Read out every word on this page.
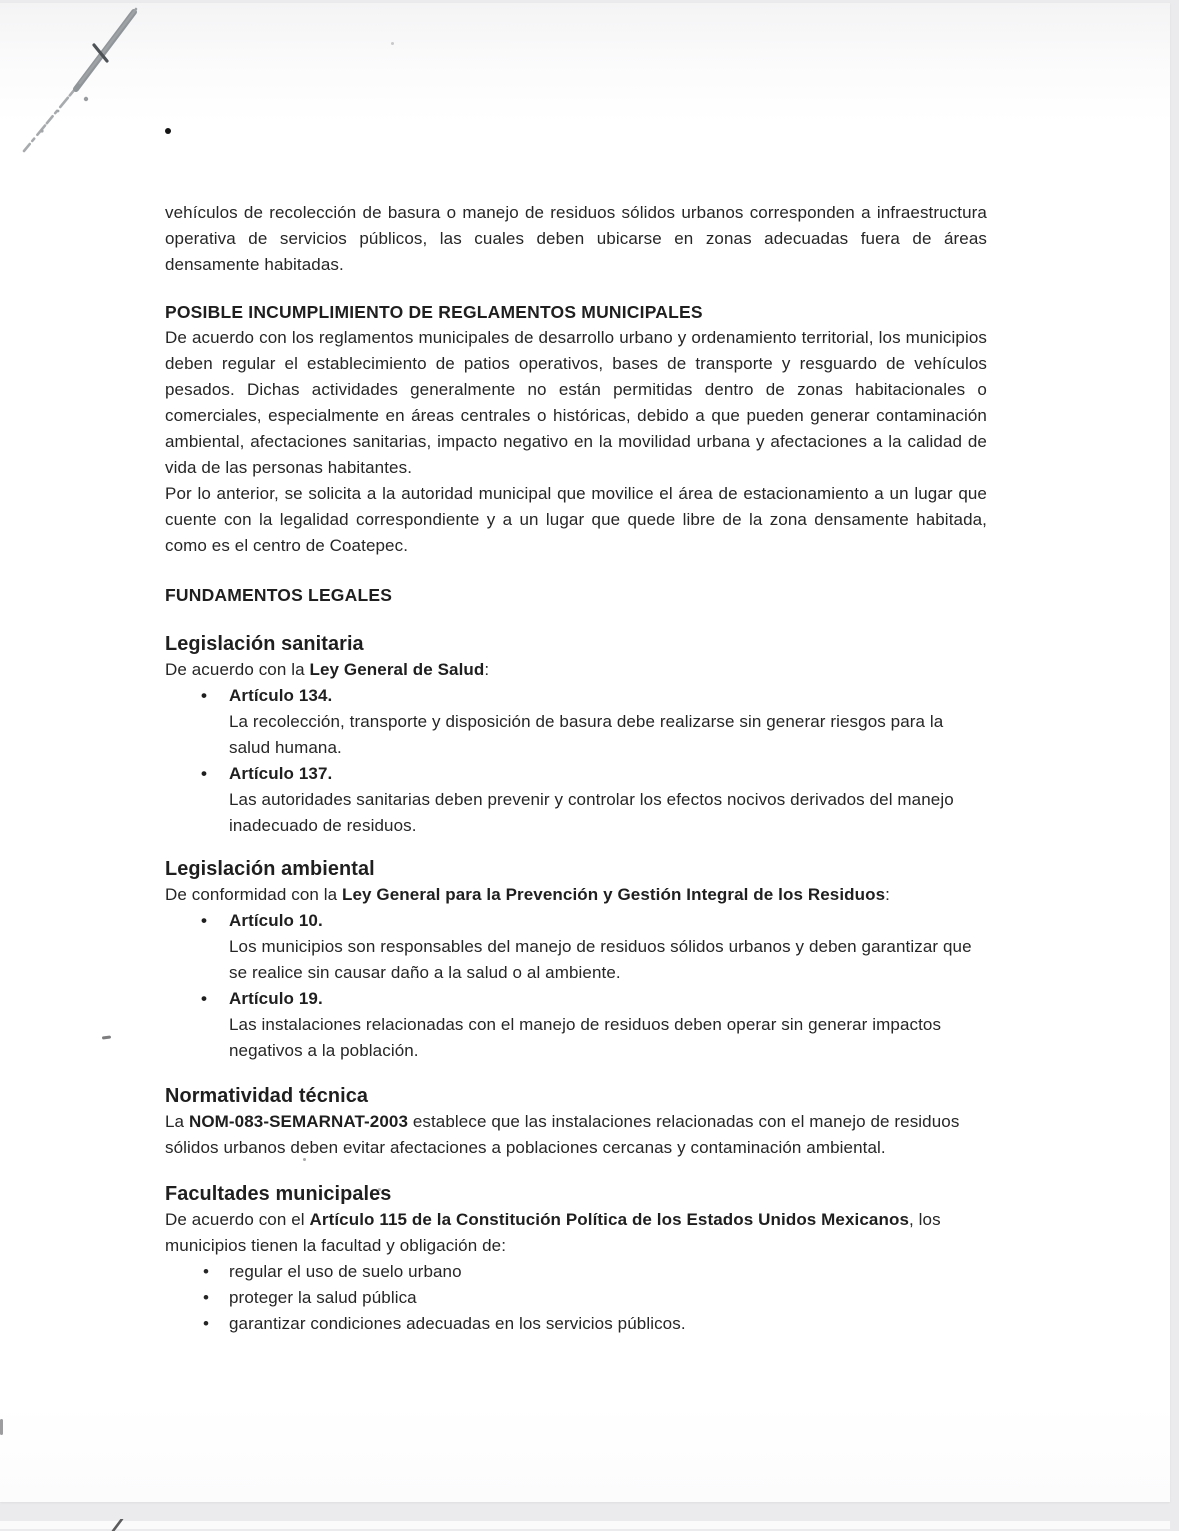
vehículos de recolección de basura o manejo de residuos sólidos urbanos corresponden a infraestructura operativa de servicios públicos, las cuales deben ubicarse en zonas adecuadas fuera de áreas densamente habitadas.

POSIBLE INCUMPLIMIENTO DE REGLAMENTOS MUNICIPALES

De acuerdo con los reglamentos municipales de desarrollo urbano y ordenamiento territorial, los municipios deben regular el establecimiento de patios operativos, bases de transporte y resguardo de vehículos pesados. Dichas actividades generalmente no están permitidas dentro de zonas habitacionales o comerciales, especialmente en áreas centrales o históricas, debido a que pueden generar contaminación ambiental, afectaciones sanitarias, impacto negativo en la movilidad urbana y afectaciones a la calidad de vida de las personas habitantes.

Por lo anterior, se solicita a la autoridad municipal que movilice el área de estacionamiento a un lugar que cuente con la legalidad correspondiente y a un lugar que quede libre de la zona densamente habitada, como es el centro de Coatepec.

FUNDAMENTOS LEGALES
Legislación sanitaria

De acuerdo con la Ley General de Salud:

• Artículo 134.
La recolección, transporte y disposición de basura debe realizarse sin generar riesgos para la salud humana.
• Artículo 137.
Las autoridades sanitarias deben prevenir y controlar los efectos nocivos derivados del manejo inadecuado de residuos.
Legislación ambiental

De conformidad con la Ley General para la Prevención y Gestión Integral de los Residuos:

• Artículo 10.
Los municipios son responsables del manejo de residuos sólidos urbanos y deben garantizar que se realice sin causar daño a la salud o al ambiente.
• Artículo 19.
Las instalaciones relacionadas con el manejo de residuos deben operar sin generar impactos negativos a la población.
Normatividad técnica

La NOM-083-SEMARNAT-2003 establece que las instalaciones relacionadas con el manejo de residuos sólidos urbanos deben evitar afectaciones a poblaciones cercanas y contaminación ambiental.

Facultades municipales

De acuerdo con el Artículo 115 de la Constitución Política de los Estados Unidos Mexicanos, los municipios tienen la facultad y obligación de:

• regular el uso de suelo urbano
• proteger la salud pública
• garantizar condiciones adecuadas en los servicios públicos.
